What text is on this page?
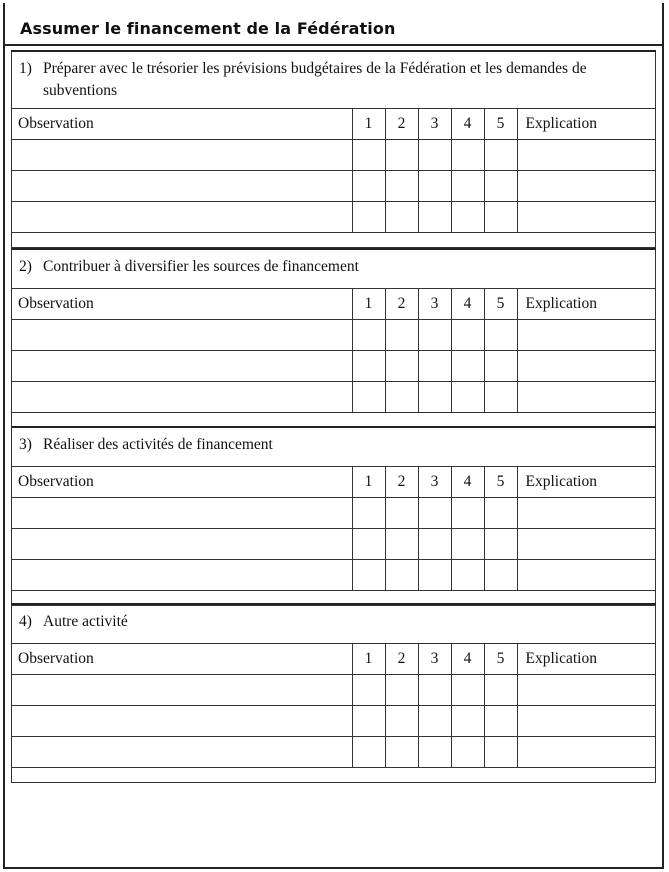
Assumer le financement de la Fédération
1) Préparer avec le trésorier les prévisions budgétaires de la Fédération et les demandes de subventions
Observation	1	2	3	4	5	Explication

2) Contribuer à diversifier les sources de financement
Observation	1	2	3	4	5	Explication

3) Réaliser des activités de financement
Observation	1	2	3	4	5	Explication

4) Autre activité
Observation	1	2	3	4	5	Explication
